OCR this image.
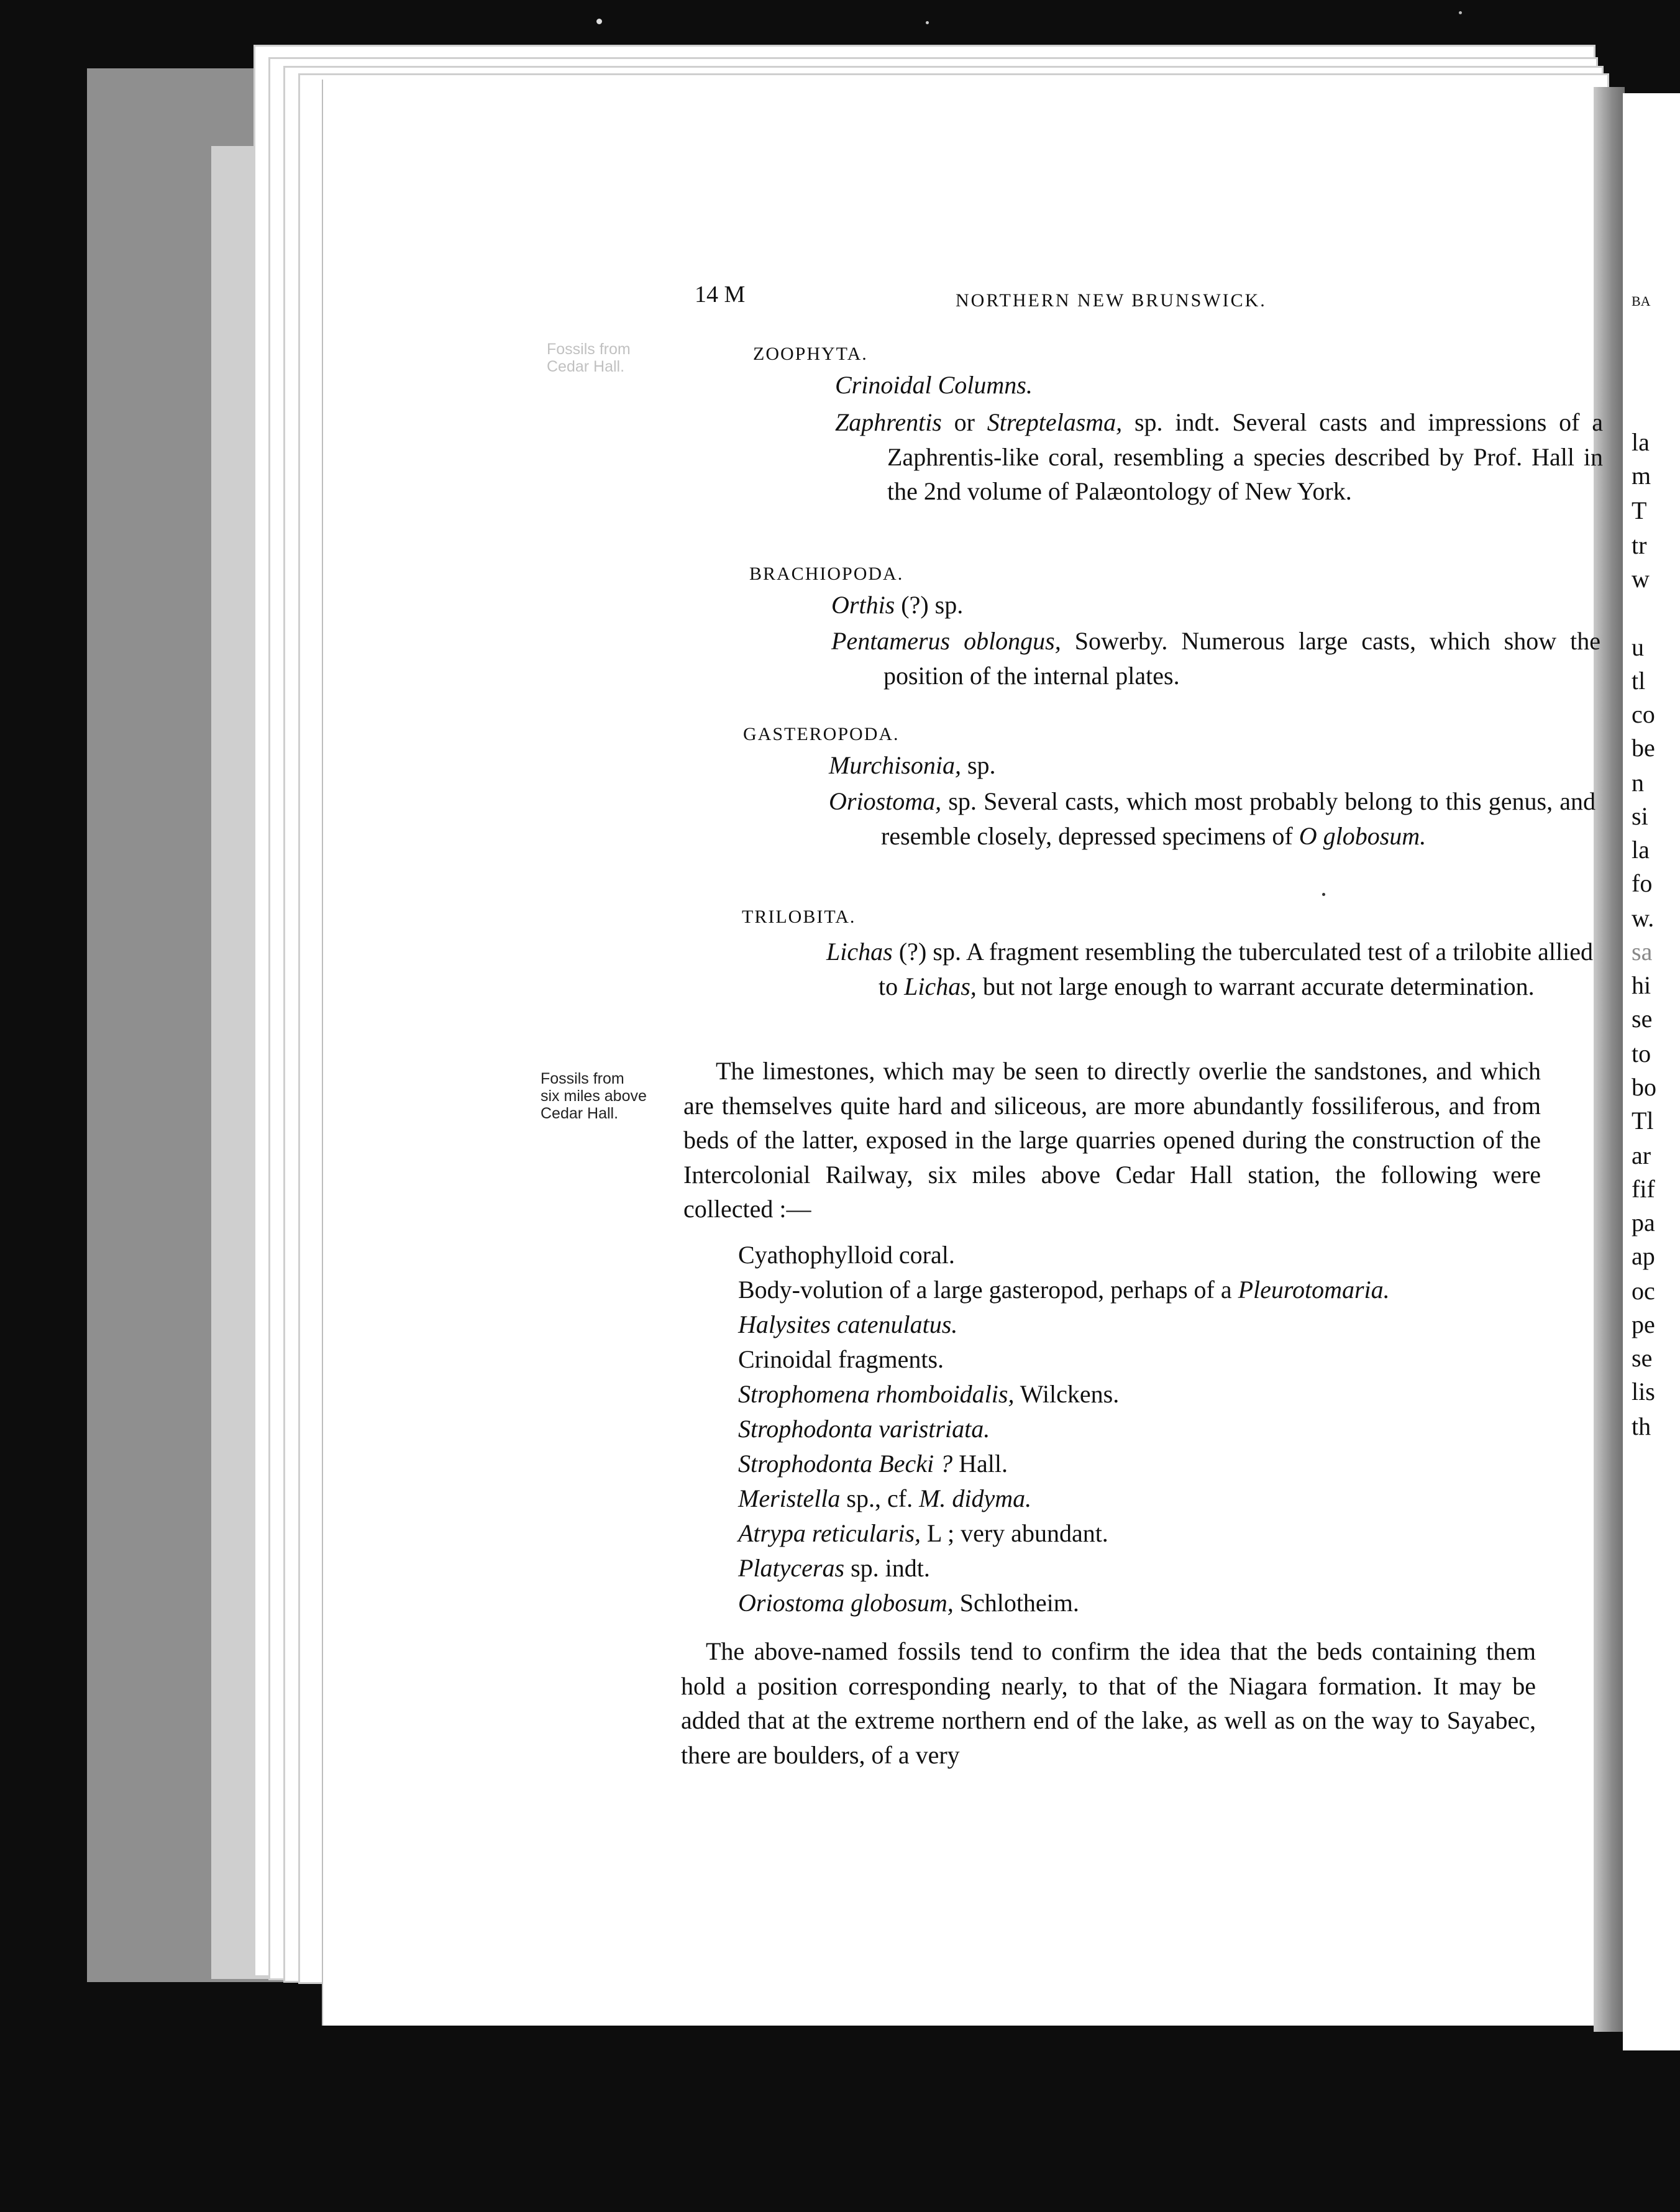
BA
la
m
T
tr
w
u
tl
co
be
n
si
la
fo
w.
sa
hi
se
to
bo
Tl
ar
fif
pa
ap
oc
pe
se
lis
th
14 M	NORTHERN NEW BRUNSWICK.
Fossils from
Cedar Hall.
ZOOPHYTA.
Crinoidal Columns.
Zaphrentis or Streptelasma, sp. indt. Several casts and impressions of a Zaphrentis-like coral, resembling a species described by Prof. Hall in the 2nd volume of Palæontology of New York.
BRACHIOPODA.
Orthis (?) sp.
Pentamerus oblongus, Sowerby. Numerous large casts, which show the position of the internal plates.
GASTEROPODA.
Murchisonia, sp.
Oriostoma, sp. Several casts, which most probably belong to this genus, and resemble closely, depressed specimens of O globosum.
TRILOBITA.
Lichas (?) sp. A fragment resembling the tuberculated test of a trilobite allied to Lichas, but not large enough to warrant accurate determination.
Fossils from
six miles above
Cedar Hall.
The limestones, which may be seen to directly overlie the sandstones, and which are themselves quite hard and siliceous, are more abundantly fossiliferous, and from beds of the latter, exposed in the large quarries opened during the construction of the Intercolonial Railway, six miles above Cedar Hall station, the following were collected :—
Cyathophylloid coral.
Body-volution of a large gasteropod, perhaps of a Pleurotomaria.
Halysites catenulatus.
Crinoidal fragments.
Strophomena rhomboidalis, Wilckens.
Strophodonta varistriata.
Strophodonta Becki ? Hall.
Meristella sp., cf. M. didyma.
Atrypa reticularis, L ; very abundant.
Platyceras sp. indt.
Oriostoma globosum, Schlotheim.
The above-named fossils tend to confirm the idea that the beds containing them hold a position corresponding nearly, to that of the Niagara formation. It may be added that at the extreme northern end of the lake, as well as on the way to Sayabec, there are boulders, of a very
